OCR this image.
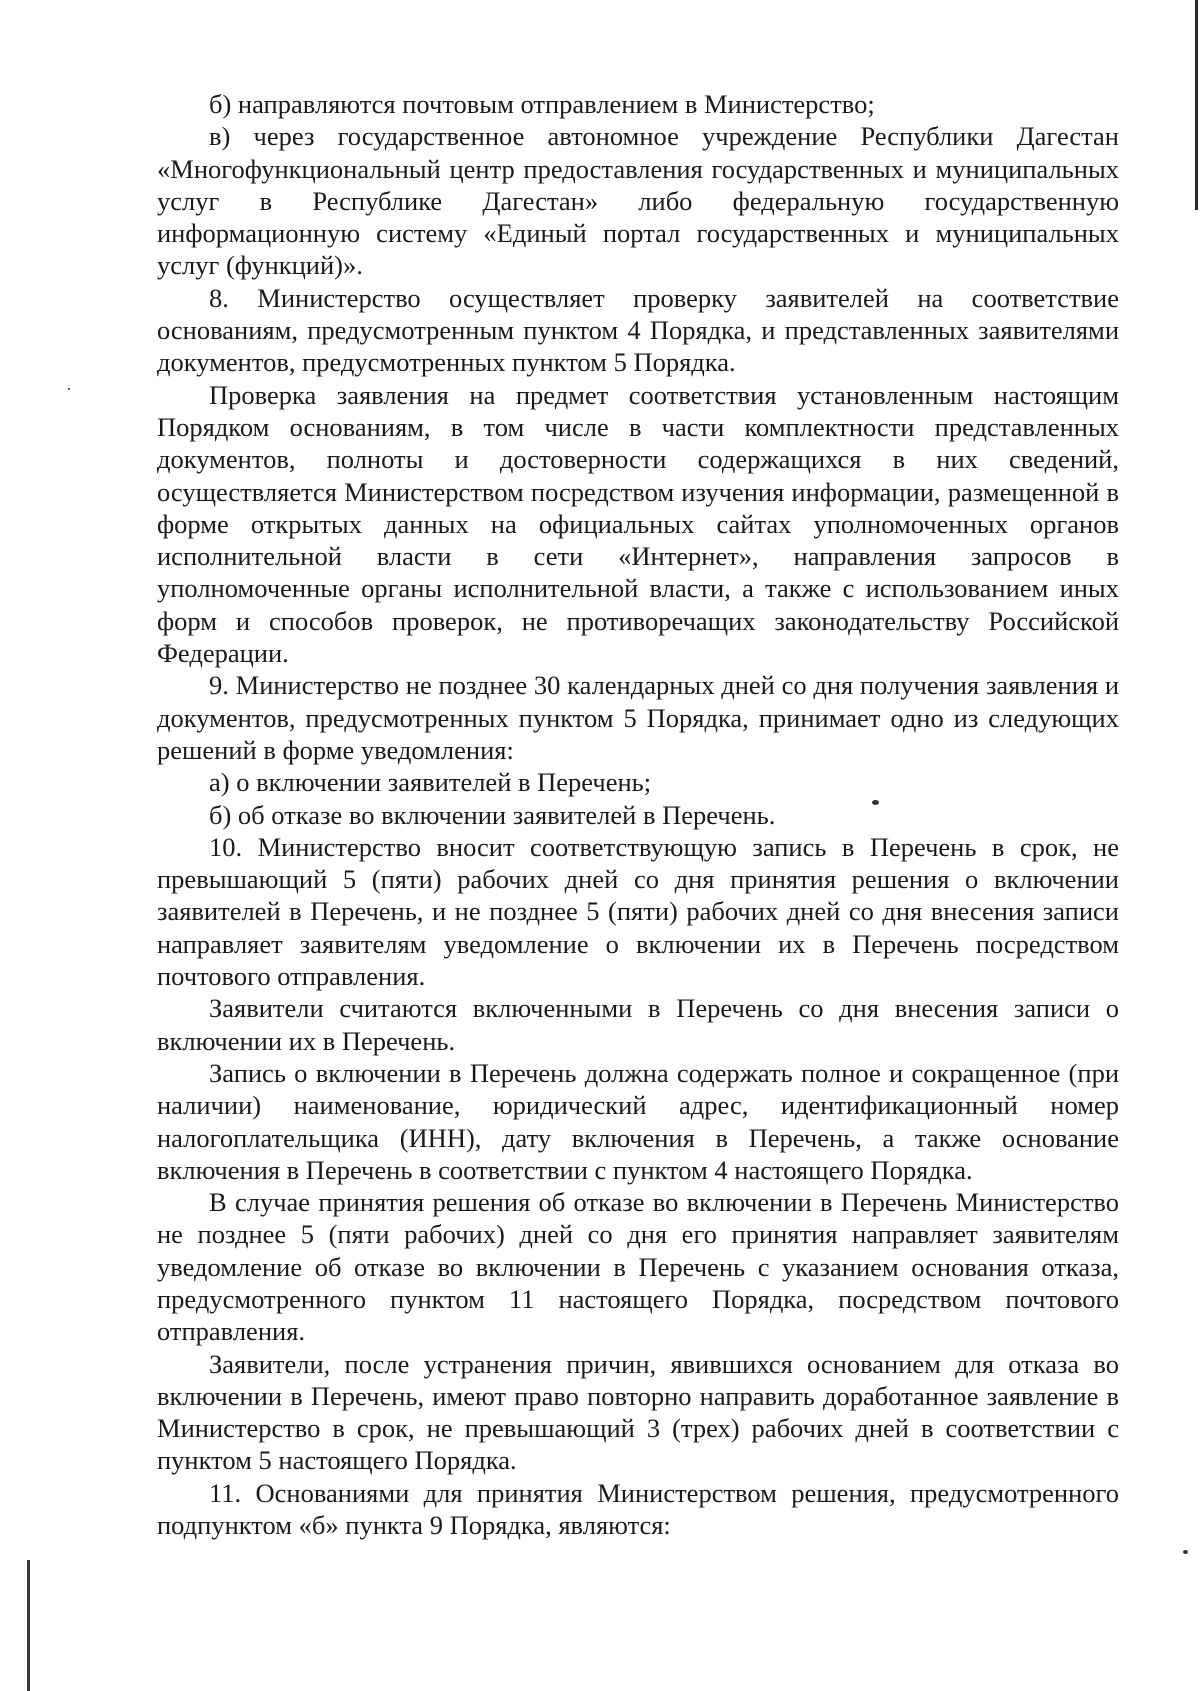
б) направляются почтовым отправлением в Министерство;

в) через государственное автономное учреждение Республики Дагестан «Многофункциональный центр предоставления государственных и муниципальных услуг в Республике Дагестан» либо федеральную государственную информационную систему «Единый портал государственных и муниципальных услуг (функций)».

8. Министерство осуществляет проверку заявителей на соответствие основаниям, предусмотренным пунктом 4 Порядка, и представленных заявителями документов, предусмотренных пунктом 5 Порядка.

Проверка заявления на предмет соответствия установленным настоящим Порядком основаниям, в том числе в части комплектности представленных документов, полноты и достоверности содержащихся в них сведений, осуществляется Министерством посредством изучения информации, размещенной в форме открытых данных на официальных сайтах уполномоченных органов исполнительной власти в сети «Интернет», направления запросов в уполномоченные органы исполнительной власти, а также с использованием иных форм и способов проверок, не противоречащих законодательству Российской Федерации.

9. Министерство не позднее 30 календарных дней со дня получения заявления и документов, предусмотренных пунктом 5 Порядка, принимает одно из следующих решений в форме уведомления:

а) о включении заявителей в Перечень;

б) об отказе во включении заявителей в Перечень.

10. Министерство вносит соответствующую запись в Перечень в срок, не превышающий 5 (пяти) рабочих дней со дня принятия решения о включении заявителей в Перечень, и не позднее 5 (пяти) рабочих дней со дня внесения записи направляет заявителям уведомление о включении их в Перечень посредством почтового отправления.

Заявители считаются включенными в Перечень со дня внесения записи о включении их в Перечень.

Запись о включении в Перечень должна содержать полное и сокращенное (при наличии) наименование, юридический адрес, идентификационный номер налогоплательщика (ИНН), дату включения в Перечень, а также основание включения в Перечень в соответствии с пунктом 4 настоящего Порядка.

В случае принятия решения об отказе во включении в Перечень Министерство не позднее 5 (пяти рабочих) дней со дня его принятия направляет заявителям уведомление об отказе во включении в Перечень с указанием основания отказа, предусмотренного пунктом 11 настоящего Порядка, посредством почтового отправления.

Заявители, после устранения причин, явившихся основанием для отказа во включении в Перечень, имеют право повторно направить доработанное заявление в Министерство в срок, не превышающий 3 (трех) рабочих дней в соответствии с пунктом 5 настоящего Порядка.

11. Основаниями для принятия Министерством решения, предусмотренного подпунктом «б» пункта 9 Порядка, являются:
